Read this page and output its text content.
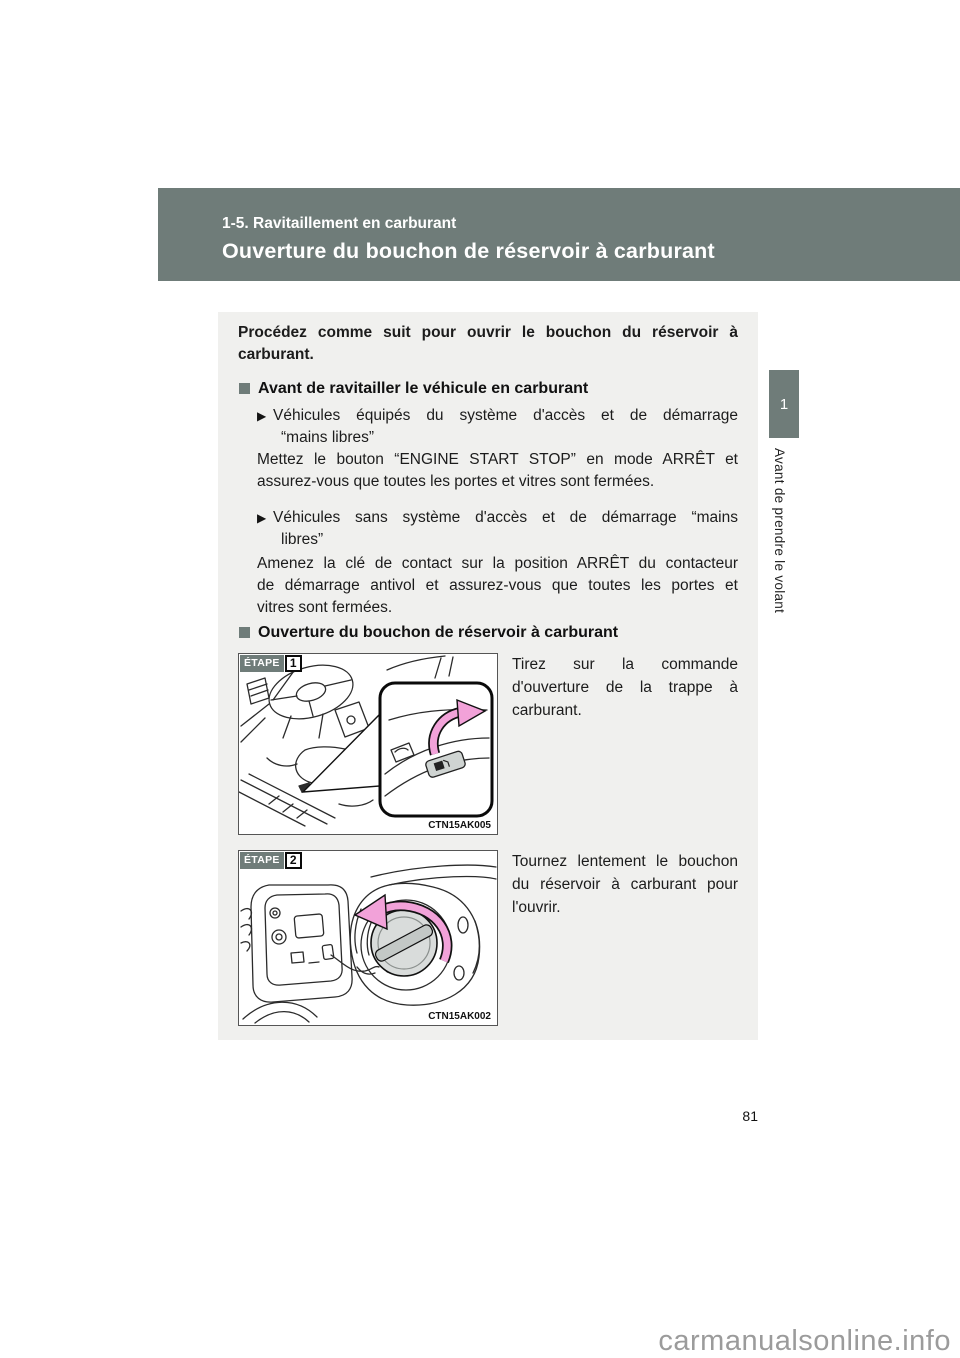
1-5. Ravitaillement en carburant
Ouverture du bouchon de réservoir à carburant
Procédez comme suit pour ouvrir le bouchon du réservoir à
carburant.
Avant de ravitailler le véhicule en carburant
▶ Véhicules équipés du système d'accès et de démarrage
“mains libres”
Mettez le bouton “ENGINE START STOP” en mode ARRÊT et
assurez-vous que toutes les portes et vitres sont fermées.
▶ Véhicules sans système d'accès et de démarrage “mains
libres”
Amenez la clé de contact sur la position ARRÊT du contacteur
de démarrage antivol et assurez-vous que toutes les portes et
vitres sont fermées.
Ouverture du bouchon de réservoir à carburant
ÉTAPE 1
CTN15AK005
Tirez sur la commande
d'ouverture de la trappe à
carburant.
ÉTAPE 2
CTN15AK002
Tournez lentement le bouchon
du réservoir à carburant pour
l'ouvrir.
1
Avant de prendre le volant
81
carmanualsonline.info
